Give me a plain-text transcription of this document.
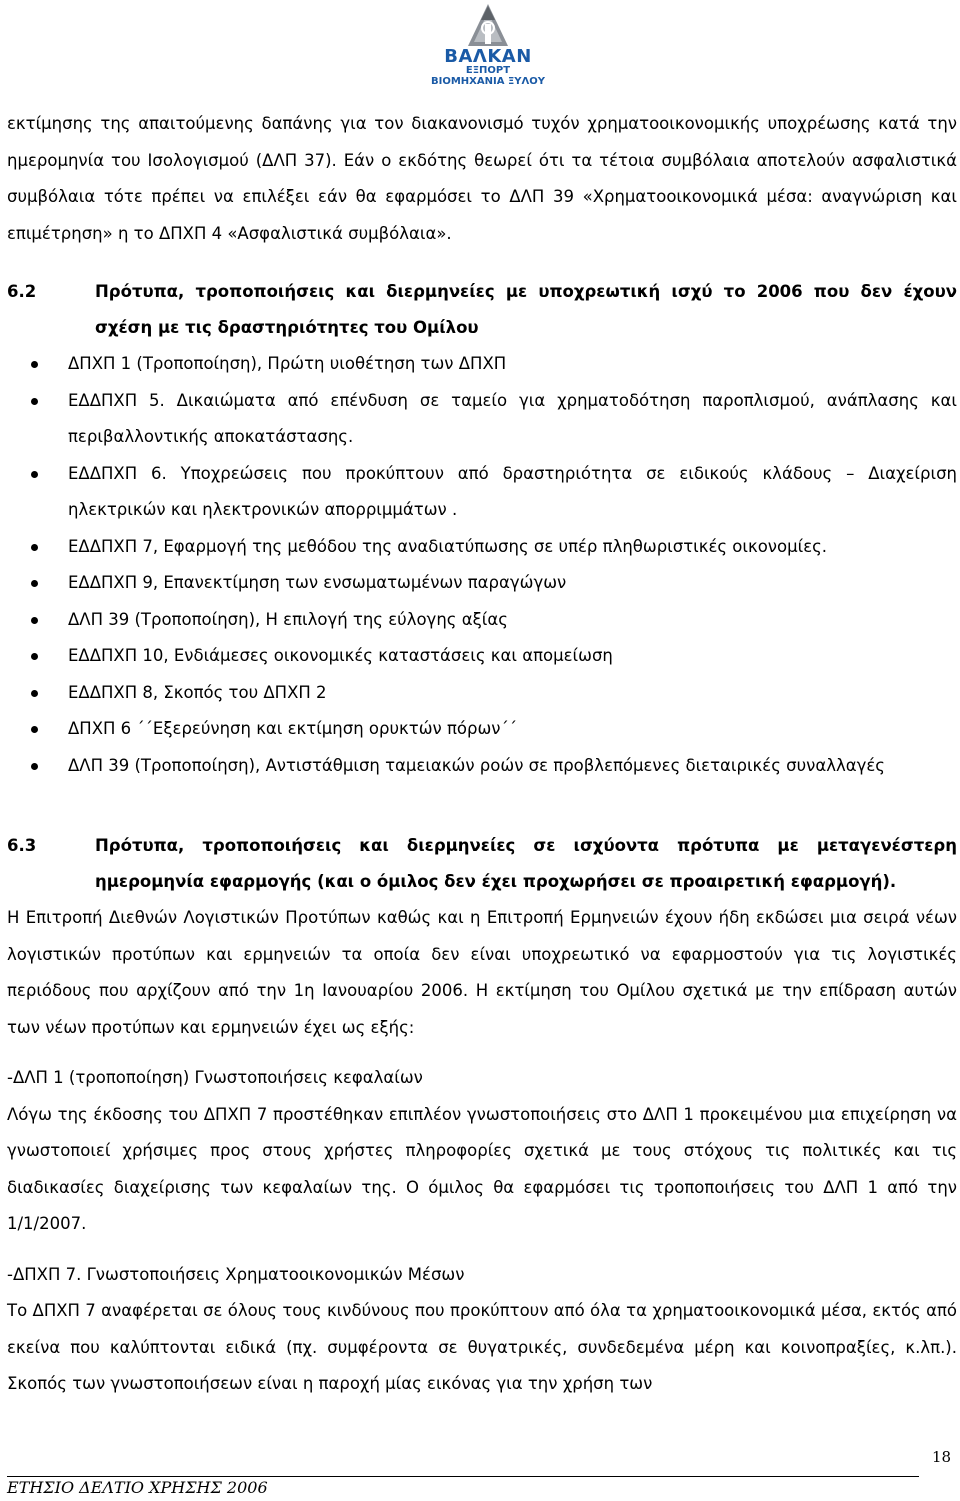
ΒΑΛΚΑΝ
ΕΞΠΟΡΤ
ΒΙΟΜΗΧΑΝΙΑ ΞΥΛΟΥ

εκτίμησης της απαιτούμενης δαπάνης για τον διακανονισμό τυχόν χρηματοοικονομικής υποχρέωσης κατά την ημερομηνία του Ισολογισμού (ΔΛΠ 37). Εάν ο εκδότης θεωρεί ότι τα τέτοια συμβόλαια αποτελούν ασφαλιστικά συμβόλαια τότε πρέπει να επιλέξει εάν θα εφαρμόσει το ΔΛΠ 39 «Χρηματοοικονομικά μέσα: αναγνώριση και επιμέτρηση» η το ΔΠΧΠ 4 «Ασφαλιστικά συμβόλαια».

6.2	Πρότυπα, τροποποιήσεις και διερμηνείες με υποχρεωτική ισχύ το 2006 που δεν έχουν σχέση με τις δραστηριότητες του Ομίλου
ΔΠΧΠ 1 (Τροποποίηση), Πρώτη υιοθέτηση των ΔΠΧΠ
ΕΔΔΠΧΠ 5. Δικαιώματα από επένδυση σε ταμείο για χρηματοδότηση παροπλισμού, ανάπλασης και περιβαλλοντικής αποκατάστασης.
ΕΔΔΠΧΠ 6. Υποχρεώσεις που προκύπτουν από δραστηριότητα σε ειδικούς κλάδους – Διαχείριση ηλεκτρικών και ηλεκτρονικών απορριμμάτων .
ΕΔΔΠΧΠ 7, Εφαρμογή της μεθόδου της αναδιατύπωσης σε υπέρ πληθωριστικές οικονομίες.
ΕΔΔΠΧΠ 9, Επανεκτίμηση των ενσωματωμένων παραγώγων
ΔΛΠ 39 (Τροποποίηση), Η επιλογή της εύλογης αξίας
ΕΔΔΠΧΠ 10, Ενδιάμεσες οικονομικές καταστάσεις και απομείωση
ΕΔΔΠΧΠ 8, Σκοπός του ΔΠΧΠ 2
ΔΠΧΠ 6 ΄΄Εξερεύνηση και εκτίμηση ορυκτών πόρων΄΄
ΔΛΠ 39 (Τροποποίηση), Αντιστάθμιση ταμειακών ροών σε προβλεπόμενες διεταιρικές συναλλαγές
6.3	Πρότυπα, τροποποιήσεις και διερμηνείες σε ισχύοντα πρότυπα με μεταγενέστερη ημερομηνία εφαρμογής (και ο όμιλος δεν έχει προχωρήσει σε προαιρετική εφαρμογή).

Η Επιτροπή Διεθνών Λογιστικών Προτύπων καθώς και η Επιτροπή Ερμηνειών έχουν ήδη εκδώσει μια σειρά νέων λογιστικών προτύπων και ερμηνειών τα οποία δεν είναι υποχρεωτικό να εφαρμοστούν για τις λογιστικές περιόδους που αρχίζουν από την 1η Ιανουαρίου 2006. Η εκτίμηση του Ομίλου σχετικά με την επίδραση αυτών των νέων προτύπων και ερμηνειών έχει ως εξής:

-ΔΛΠ 1 (τροποποίηση) Γνωστοποιήσεις κεφαλαίων

Λόγω της έκδοσης του ΔΠΧΠ 7 προστέθηκαν επιπλέον γνωστοποιήσεις στο ΔΛΠ 1 προκειμένου μια επιχείρηση να γνωστοποιεί χρήσιμες προς στους χρήστες πληροφορίες σχετικά με τους στόχους τις πολιτικές και τις διαδικασίες διαχείρισης των κεφαλαίων της. Ο όμιλος θα εφαρμόσει τις τροποποιήσεις του ΔΛΠ 1 από την 1/1/2007.

-ΔΠΧΠ 7. Γνωστοποιήσεις Χρηματοοικονομικών Μέσων

Το ΔΠΧΠ 7 αναφέρεται σε όλους τους κινδύνους που προκύπτουν από όλα τα χρηματοοικονομικά μέσα, εκτός από εκείνα που καλύπτονται ειδικά (πχ. συμφέροντα σε θυγατρικές, συνδεδεμένα μέρη και κοινοπραξίες, κ.λπ.). Σκοπός των γνωστοποιήσεων είναι η παροχή μίας εικόνας για την χρήση των

18
ΕΤΗΣΙΟ ΔΕΛΤΙΟ ΧΡΗΣΗΣ 2006
